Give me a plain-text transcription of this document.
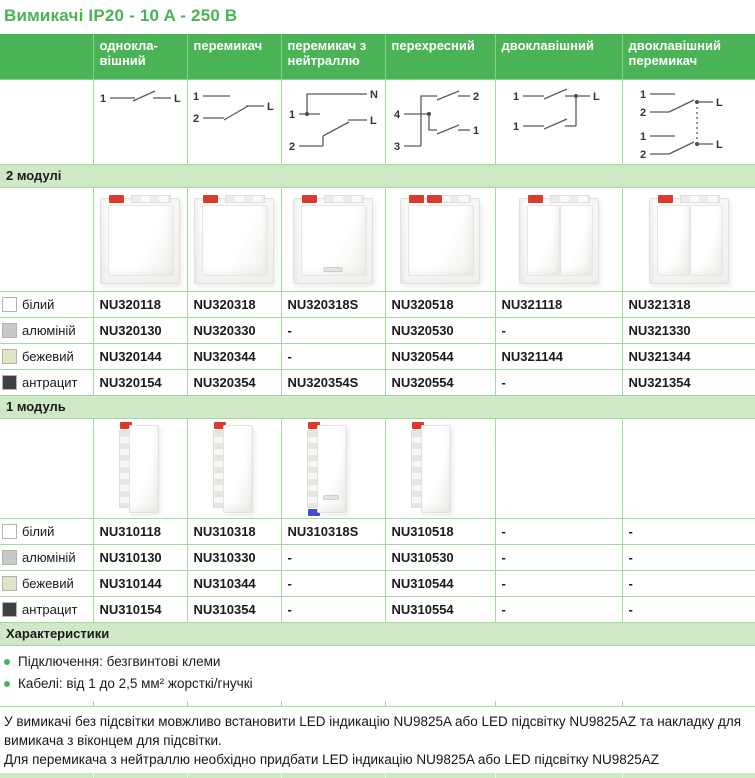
Вимикачі IP20 - 10 A - 250 В
	однокла-вішний	перемикач	перемикач з нейтраллю	перехресний	двоклавішний	двоклавішний перемикач

1	L	1
2
L

N
1	L
2

4
3
2
1

1	L
1

1
2
L
1
2
L

2 модулі						

білий	NU320118	NU320318	NU320318S	NU320518	NU321118	NU321318

алюміній	NU320130	NU320330	-	NU320530	-	NU321330

бежевий	NU320144	NU320344	-	NU320544	NU321144	NU321344

антрацит	NU320154	NU320354	NU320354S	NU320554	-	NU321354
1 модуль						

білий	NU310118	NU310318	NU310318S	NU310518	-	-

алюміній	NU310130	NU310330	-	NU310530	-	-

бежевий	NU310144	NU310344	-	NU310544	-	-

антрацит	NU310154	NU310354	-	NU310554	-	-
Характеристики						
Підключення: безгвинтові клеми
Кабелі: від 1 до 2,5 мм² жорсткі/гнучкі

У вимикачі без підсвітки мовжливо встановити LED індикацію NU9825A або LED підсвітку NU9825AZ та накладку для вимикача з віконцем для підсвітки.

Для перемикача з нейтраллю необхідно придбати LED індикацію NU9825A або LED підсвітку NU9825AZ
